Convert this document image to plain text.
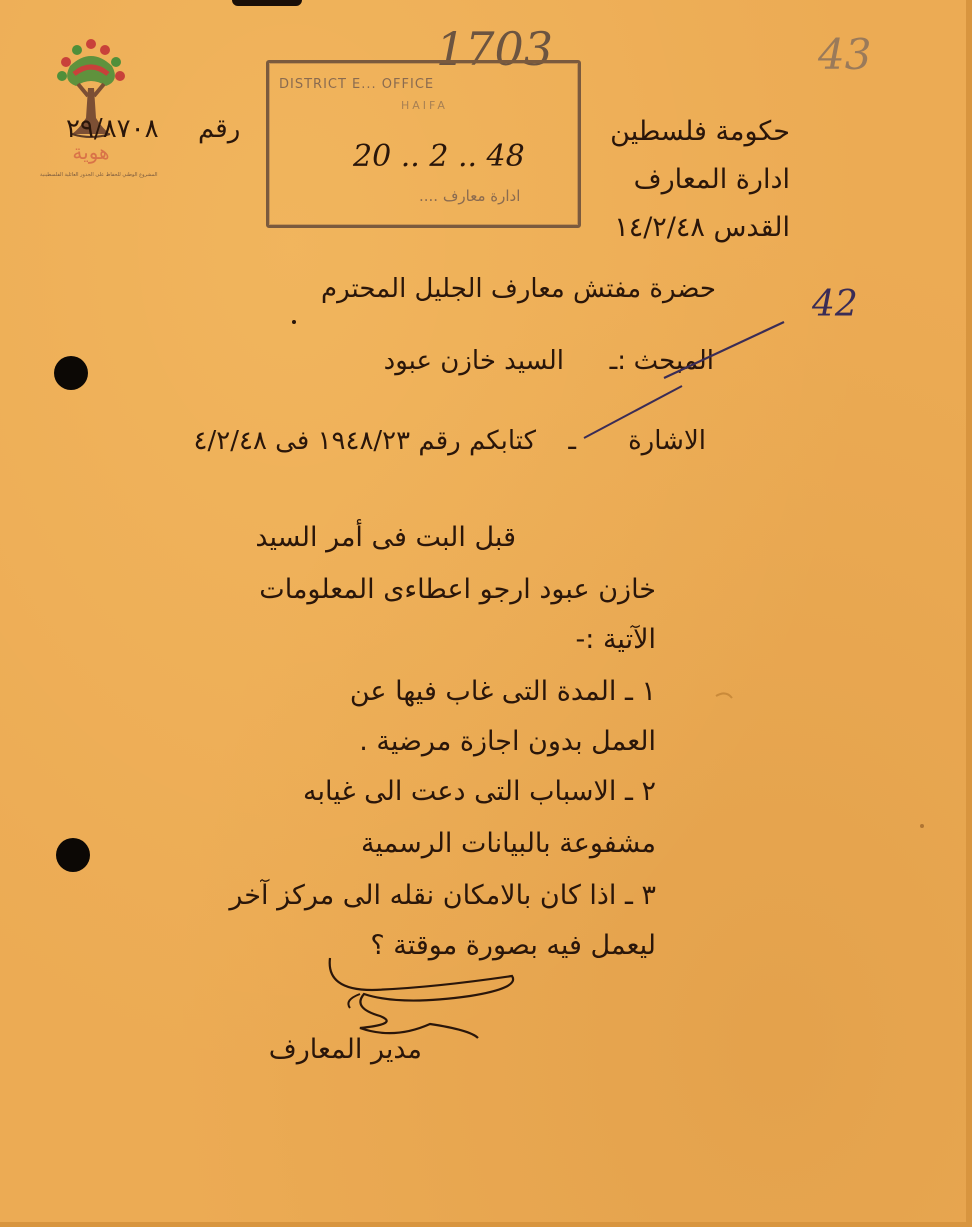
هوية
المشروع الوطني للحفاظ على الجذور العائلية الفلسطينية
رقم
٢٩/٨٧٠٨
1703	43
42
DISTRICT E... OFFICE
HAIFA
20 .. 2 .. 48
ادارة معارف ....
حكومة فلسطين
ادارة المعارف
القدس ١٤/٢/٤٨
حضرة مفتش معارف الجليل المحترم
المبحث
:ـ
السيد خازن عبود
الاشارة
ـ
كتابكم رقم ١٩٤٨/٢٣ فى ٤/٢/٤٨
قبل البت فى أمر السيد
خازن عبود ارجو اعطاءى المعلومات
الآتية :-
١ ـ المدة التى غاب فيها عن
العمل بدون اجازة مرضية .
٢ ـ الاسباب التى دعت الى غيابه
مشفوعة بالبيانات الرسمية
٣ ـ اذا كان بالامكان نقله الى مركز آخر
ليعمل فيه بصورة موقتة ؟
مدير المعارف
